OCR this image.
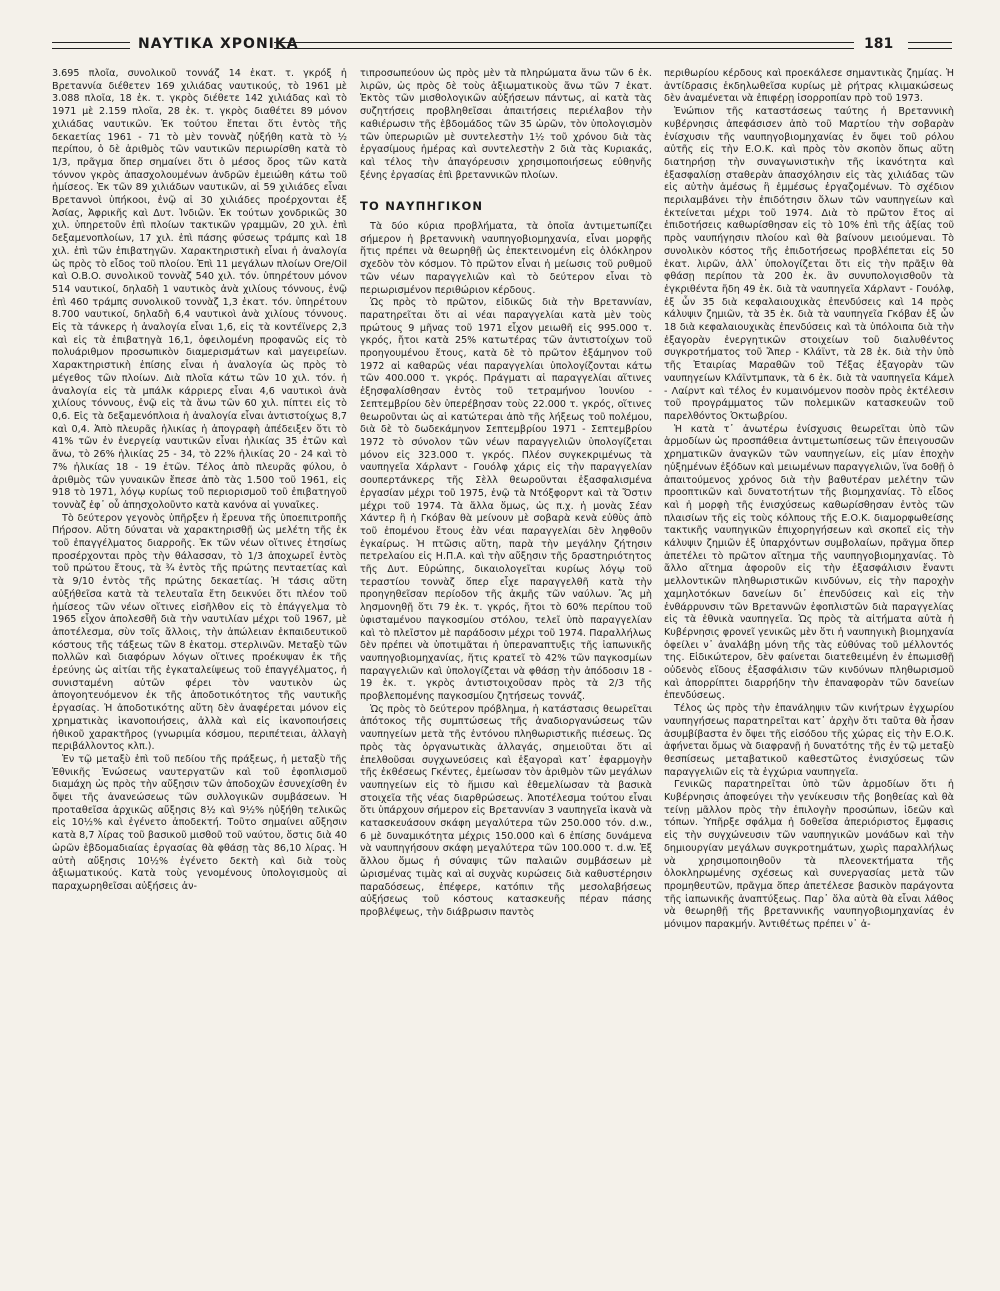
ΝΑΥΤΙΚΑ ΧΡΟΝΙΚΑ	181

3.695 πλοῖα, συνολικοῦ τοννάζ 14 ἑκατ. τ. γκρόξ ἡ Βρεταννία διέθετεν 169 χιλιάδας ναυτικούς, τὸ 1961 μὲ 3.088 πλοῖα, 18 ἑκ. τ. γκρὸς διέθετε 142 χιλιάδας καὶ τὸ 1971 μὲ 2.159 πλοῖα, 28 ἑκ. τ. γκρὸς διαθέτει 89 μόνον χιλιάδας ναυτικῶν. Ἐκ τούτου ἕπεται ὅτι ἐντὸς τῆς δεκαετίας 1961 - 71 τὸ μὲν τοννὰζ ηὐξήθη κατὰ τὸ ½ περίπου, ὁ δὲ ἀριθμὸς τῶν ναυτικῶν περιωρίσθη κατὰ τὸ 1/3, πρᾶγμα ὅπερ σημαίνει ὅτι ὁ μέσος ὅρος τῶν κατὰ τόννον γκρὸς ἀπασχολουμένων ἀνδρῶν ἐμειώθη κάτω τοῦ ἡμίσεος. Ἐκ τῶν 89 χιλιάδων ναυτικῶν, αἱ 59 χιλιάδες εἶναι Βρεταννοὶ ὑπήκοοι, ἐνῷ αἱ 30 χιλιάδες προέρχονται ἐξ Ἀσίας, Ἀφρικῆς καὶ Δυτ. Ἰνδιῶν. Ἐκ τούτων χονδρικῶς 30 χιλ. ὑπηρετοῦν ἐπὶ πλοίων τακτικῶν γραμμῶν, 20 χιλ. ἐπὶ δεξαμενοπλοίων, 17 χιλ. ἐπὶ πάσης φύσεως τράμπς καὶ 18 χιλ. ἐπὶ τῶν ἐπιβατηγῶν. Χαρακτηριστικὴ εἶναι ἡ ἀναλογία ὡς πρὸς τὸ εἶδος τοῦ πλοίου. Ἐπὶ 11 μεγάλων πλοίων Ore/Oil καὶ O.B.O. συνολικοῦ τοννὰζ 540 χιλ. τόν. ὑπηρέτουν μόνον 514 ναυτικοί, δηλαδὴ 1 ναυτικὸς ἀνὰ χιλίους τόννους, ἐνῷ ἐπὶ 460 τράμπς συνολικοῦ τοννὰζ 1,3 ἑκατ. τόν. ὑπηρέτουν 8.700 ναυτικοί, δηλαδὴ 6,4 ναυτικοὶ ἀνὰ χιλίους τόννους. Εἰς τὰ τάνκερς ἡ ἀναλογία εἶναι 1,6, εἰς τὰ κοντέϊνερς 2,3 καὶ εἰς τὰ ἐπιβατηγὰ 16,1, ὀφειλομένη προφανῶς εἰς τὸ πολυάριθμον προσωπικὸν διαμερισμάτων καὶ μαγειρείων. Χαρακτηριστικὴ ἐπίσης εἶναι ἡ ἀναλογία ὡς πρὸς τὸ μέγεθος τῶν πλοίων. Διὰ πλοῖα κάτω τῶν 10 χιλ. τόν. ἡ ἀναλογία εἰς τὰ μπάλκ κάρριερς εἶναι 4,6 ναυτικοὶ ἀνὰ χιλίους τόννους, ἐνῷ εἰς τὰ ἄνω τῶν 60 χιλ. πίπτει εἰς τὸ 0,6. Εἰς τὰ δεξαμενόπλοια ἡ ἀναλογία εἶναι ἀντιστοίχως 8,7 καὶ 0,4. Ἀπὸ πλευρᾶς ἡλικίας ἡ ἀπογραφὴ ἀπέδειξεν ὅτι τὸ 41% τῶν ἐν ἐνεργείᾳ ναυτικῶν εἶναι ἡλικίας 35 ἐτῶν καὶ ἄνω, τὸ 26% ἡλικίας 25 - 34, τὸ 22% ἡλικίας 20 - 24 καὶ τὸ 7% ἡλικίας 18 - 19 ἐτῶν. Τέλος ἀπὸ πλευρᾶς φύλου, ὁ ἀριθμὸς τῶν γυναικῶν ἔπεσε ἀπὸ τὰς 1.500 τοῦ 1961, εἰς 918 τὸ 1971, λόγῳ κυρίως τοῦ περιορισμοῦ τοῦ ἐπιβατηγοῦ τοννὰζ ἐφ᾽ οὗ ἀπησχολοῦντο κατὰ κανόνα αἱ γυναῖκες.

Τὸ δεύτερον γεγονὸς ὑπῆρξεν ἡ ἔρευνα τῆς ὑποεπιτροπῆς Πήρσον. Αὕτη δύναται νὰ χαρακτηρισθῇ ὡς μελέτη τῆς ἐκ τοῦ ἐπαγγέλματος διαρροῆς. Ἐκ τῶν νέων οἵτινες ἐτησίως προσέρχονται πρὸς τὴν θάλασσαν, τὸ 1/3 ἀποχωρεῖ ἐντὸς τοῦ πρώτου ἔτους, τὰ ¾ ἐντὸς τῆς πρώτης πενταετίας καὶ τὰ 9/10 ἐντὸς τῆς πρώτης δεκαετίας. Ἡ τάσις αὕτη αὐξήθεῖσα κατὰ τὰ τελευταῖα ἔτη δεικνύει ὅτι πλέον τοῦ ἡμίσεος τῶν νέων οἵτινες εἰσῆλθον εἰς τὸ ἐπάγγελμα τὸ 1965 εἶχον ἀπολεσθῆ διὰ τὴν ναυτιλίαν μέχρι τοῦ 1967, μὲ ἀποτέλεσμα, σὺν τοῖς ἄλλοις, τὴν ἀπώλειαν ἐκπαιδευτικοῦ κόστους τῆς τάξεως τῶν 8 ἑκατομ. στερλινῶν. Μεταξὺ τῶν πολλῶν καὶ διαφόρων λόγων οἵτινες προέκυψαν ἐκ τῆς ἐρεύνης ὡς αἰτίαι τῆς ἐγκαταλείψεως τοῦ ἐπαγγέλματος, ἡ συνισταμένη αὐτῶν φέρει τὸν ναυτικὸν ὡς ἀπογοητευόμενον ἐκ τῆς ἀποδοτικότητος τῆς ναυτικῆς ἐργασίας. Ἡ ἀποδοτικότης αὕτη δὲν ἀναφέρεται μόνον εἰς χρηματικὰς ἱκανοποιήσεις, ἀλλὰ καὶ εἰς ἱκανοποιήσεις ἠθικοῦ χαρακτῆρος (γνωριμία κόσμου, περιπέτειαι, ἀλλαγὴ περιβάλλοντος κλπ.).

Ἐν τῷ μεταξὺ ἐπὶ τοῦ πεδίου τῆς πράξεως, ἡ μεταξὺ τῆς Ἐθνικῆς Ἑνώσεως ναυτεργατῶν καὶ τοῦ ἐφοπλισμοῦ διαμάχη ὡς πρὸς τὴν αὔξησιν τῶν ἀποδοχῶν ἐσυνεχίσθη ἐν ὄψει τῆς ἀνανεώσεως τῶν συλλογικῶν συμβάσεων. Ἡ προταθεῖσα ἀρχικῶς αὔξησις 8½ καὶ 9½% ηὐξήθη τελικῶς εἰς 10½% καὶ ἐγένετο ἀποδεκτή. Τοῦτο σημαίνει αὔξησιν κατὰ 8,7 λίρας τοῦ βασικοῦ μισθοῦ τοῦ ναύτου, ὅστις διὰ 40 ὡρῶν ἑβδομαδιαίας ἐργασίας θὰ φθάσῃ τὰς 86,10 λίρας. Ἡ αὐτὴ αὔξησις 10½% ἐγένετο δεκτὴ καὶ διὰ τοὺς ἀξιωματικούς. Κατὰ τοὺς γενομένους ὑπολογισμοὺς αἱ παραχωρηθεῖσαι αὐξήσεις ἀν-

τιπροσωπεύουν ὡς πρὸς μὲν τὰ πληρώματα ἄνω τῶν 6 ἑκ. λιρῶν, ὡς πρὸς δὲ τοὺς ἀξιωματικοὺς ἄνω τῶν 7 ἑκατ. Ἐκτὸς τῶν μισθολογικῶν αὐξήσεων πάντως, αἱ κατὰ τὰς συζητήσεις προβληθεῖσαι ἀπαιτήσεις περιέλαβον τὴν καθιέρωσιν τῆς ἑβδομάδος τῶν 35 ὡρῶν, τὸν ὑπολογισμὸν τῶν ὑπερωριῶν μὲ συντελεστὴν 1½ τοῦ χρόνου διὰ τὰς ἐργασίμους ἡμέρας καὶ συντελεστὴν 2 διὰ τὰς Κυριακάς, καὶ τέλος τὴν ἀπαγόρευσιν χρησιμοποιήσεως εὐθηνῆς ξένης ἐργασίας ἐπὶ βρεταννικῶν πλοίων.

ΤΟ ΝΑΥΠΗΓΙΚΟΝ

Τὰ δύο κύρια προβλήματα, τὰ ὁποῖα ἀντιμετωπίζει σήμερον ἡ βρεταννικὴ ναυπηγοβιομηχανία, εἶναι μορφῆς ἥτις πρέπει νὰ θεωρηθῇ ὡς ἐπεκτεινομένη εἰς ὁλόκληρον σχεδὸν τὸν κόσμον. Τὸ πρῶτον εἶναι ἡ μείωσις τοῦ ρυθμοῦ τῶν νέων παραγγελιῶν καὶ τὸ δεύτερον εἶναι τὸ περιωρισμένον περιθώριον κέρδους.

Ὡς πρὸς τὸ πρῶτον, εἰδικῶς διὰ τὴν Βρεταννίαν, παρατηρεῖται ὅτι αἱ νέαι παραγγελίαι κατὰ μὲν τοὺς πρώτους 9 μῆνας τοῦ 1971 εἶχον μειωθῆ εἰς 995.000 τ. γκρός, ἤτοι κατὰ 25% κατωτέρας τῶν ἀντιστοίχων τοῦ προηγουμένου ἔτους, κατὰ δὲ τὸ πρῶτον ἑξάμηνον τοῦ 1972 αἱ καθαρῶς νέαι παραγγελίαι ὑπολογίζονται κάτω τῶν 400.000 τ. γκρός. Πράγματι αἱ παραγγελίαι αἵτινες ἐξησφαλίσθησαν ἐντὸς τοῦ τετραμήνου Ἰουνίου - Σεπτεμβρίου δὲν ὑπερέβησαν τοὺς 22.000 τ. γκρός, οἵτινες θεωροῦνται ὡς αἱ κατώτεραι ἀπὸ τῆς λήξεως τοῦ πολέμου, διὰ δὲ τὸ δωδεκάμηνον Σεπτεμβρίου 1971 - Σεπτεμβρίου 1972 τὸ σύνολον τῶν νέων παραγγελιῶν ὑπολογίζεται μόνον εἰς 323.000 τ. γκρός. Πλέον συγκεκριμένως τὰ ναυπηγεῖα Χάρλαντ - Γουόλφ χάρις εἰς τὴν παραγγελίαν σουπερτάνκερς τῆς Σὲλλ θεωροῦνται ἐξασφαλισμένα ἐργασίαν μέχρι τοῦ 1975, ἐνῷ τὰ Ντόξφορντ καὶ τὰ Ὄστιν μέχρι τοῦ 1974. Τὰ ἄλλα ὅμως, ὡς π.χ. ἡ μονὰς Σέαν Χάντερ ἢ ἡ Γκόβαν θὰ μείνουν μὲ σοβαρὰ κενὰ εὐθὺς ἀπὸ τοῦ ἐπομένου ἔτους ἐὰν νέαι παραγγελίαι δὲν ληφθοῦν ἐγκαίρως. Ἡ πτῶσις αὕτη, παρὰ τὴν μεγάλην ζήτησιν πετρελαίου εἰς Η.Π.Α. καὶ τὴν αὔξησιν τῆς δραστηριότητος τῆς Δυτ. Εὐρώπης, δικαιολογεῖται κυρίως λόγῳ τοῦ τεραστίου τοννὰζ ὅπερ εἶχε παραγγελθῆ κατὰ τὴν προηγηθεῖσαν περίοδον τῆς ἀκμῆς τῶν ναύλων. Ἂς μὴ λησμονηθῇ ὅτι 79 ἑκ. τ. γκρός, ἤτοι τὸ 60% περίπου τοῦ ὑφισταμένου παγκοσμίου στόλου, τελεῖ ὑπὸ παραγγελίαν καὶ τὸ πλεῖστον μὲ παράδοσιν μέχρι τοῦ 1974. Παραλλήλως δὲν πρέπει νὰ ὑποτιμᾶται ἡ ὑπεραναπτυξις τῆς ἰαπωνικῆς ναυπηγοβιομηχανίας, ἥτις κρατεῖ τὸ 42% τῶν παγκοσμίων παραγγελιῶν καὶ ὑπολογίζεται νὰ φθάσῃ τὴν ἀπόδοσιν 18 - 19 ἑκ. τ. γκρὸς ἀντιστοιχοῦσαν πρὸς τὰ 2/3 τῆς προβλεπομένης παγκοσμίου ζητήσεως τοννάζ.

Ὡς πρὸς τὸ δεύτερον πρόβλημα, ἡ κατάστασις θεωρεῖται ἀπότοκος τῆς συμπτώσεως τῆς ἀναδιοργανώσεως τῶν ναυπηγείων μετὰ τῆς ἐντόνου πληθωριστικῆς πιέσεως. Ὡς πρὸς τὰς ὀργανωτικὰς ἀλλαγάς, σημειοῦται ὅτι αἱ ἐπελθοῦσαι συγχωνεύσεις καὶ ἐξαγοραὶ κατ᾽ ἐφαρμογὴν τῆς ἐκθέσεως Γκέντες, ἐμείωσαν τὸν ἀριθμὸν τῶν μεγάλων ναυπηγείων εἰς τὸ ἥμισυ καὶ ἐθεμελίωσαν τὰ βασικὰ στοιχεῖα τῆς νέας διαρθρώσεως. Ἀποτέλεσμα τούτου εἶναι ὅτι ὑπάρχουν σήμερον εἰς Βρεταννίαν 3 ναυπηγεῖα ἱκανὰ νὰ κατασκευάσουν σκάφη μεγαλύτερα τῶν 250.000 τόν. d.w., 6 μὲ δυναμικότητα μέχρις 150.000 καὶ 6 ἐπίσης δυνάμενα νὰ ναυπηγήσουν σκάφη μεγαλύτερα τῶν 100.000 τ. d.w. Ἐξ ἄλλου ὅμως ἡ σύναψις τῶν παλαιῶν συμβάσεων μὲ ὡρισμένας τιμὰς καὶ αἱ συχνὰς κυρώσεις διὰ καθυστέρησιν παραδόσεως, ἐπέφερε, κατόπιν τῆς μεσολαβήσεως αὐξήσεως τοῦ κόστους κατασκευῆς πέραν πάσης προβλέψεως, τὴν διάβρωσιν παντὸς

περιθωρίου κέρδους καὶ προεκάλεσε σημαντικὰς ζημίας. Ἡ ἀντίδρασις ἐκδηλωθεῖσα κυρίως μὲ ρήτρας κλιμακώσεως δὲν ἀναμένεται νὰ ἐπιφέρῃ ἰσορροπίαν πρὸ τοῦ 1973.

Ἐνώπιον τῆς καταστάσεως ταύτης ἡ Βρεταννικὴ κυβέρνησις ἀπεφάσισεν ἀπὸ τοῦ Μαρτίου τὴν σοβαρὰν ἐνίσχυσιν τῆς ναυπηγοβιομηχανίας ἐν ὄψει τοῦ ρόλου αὐτῆς εἰς τὴν Ε.Ο.Κ. καὶ πρὸς τὸν σκοπὸν ὅπως αὕτη διατηρήσῃ τὴν συναγωνιστικὴν τῆς ἱκανότητα καὶ ἐξασφαλίσῃ σταθερὰν ἀπασχόλησιν εἰς τὰς χιλιάδας τῶν εἰς αὐτὴν ἀμέσως ἢ ἐμμέσως ἐργαζομένων. Τὸ σχέδιον περιλαμβάνει τὴν ἐπιδότησιν ὅλων τῶν ναυπηγείων καὶ ἐκτείνεται μέχρι τοῦ 1974. Διὰ τὸ πρῶτον ἔτος αἱ ἐπιδοτήσεις καθωρίσθησαν εἰς τὸ 10% ἐπὶ τῆς ἀξίας τοῦ πρὸς ναυπήγησιν πλοίου καὶ θὰ βαίνουν μειούμεναι. Τὸ συνολικὸν κόστος τῆς ἐπιδοτήσεως προβλέπεται εἰς 50 ἑκατ. λιρῶν, ἀλλ᾽ ὑπολογίζεται ὅτι εἰς τὴν πρᾶξιν θὰ φθάσῃ περίπου τὰ 200 ἑκ. ἂν συνυπολογισθοῦν τὰ ἐγκριθέντα ἤδη 49 ἑκ. διὰ τὰ ναυπηγεῖα Χάρλαντ - Γουόλφ, ἐξ ὧν 35 διὰ κεφαλαιουχικὰς ἐπενδύσεις καὶ 14 πρὸς κάλυψιν ζημιῶν, τὰ 35 ἑκ. διὰ τὰ ναυπηγεῖα Γκόβαν ἐξ ὧν 18 διὰ κεφαλαιουχικὰς ἐπενδύσεις καὶ τὰ ὑπόλοιπα διὰ τὴν ἐξαγορὰν ἐνεργητικῶν στοιχείων τοῦ διαλυθέντος συγκροτήματος τοῦ Ἄπερ - Κλάϊντ, τὰ 28 ἑκ. διὰ τὴν ὑπὸ τῆς Ἑταιρίας Μαραθῶν τοῦ Τέξας ἐξαγορὰν τῶν ναυπηγείων Κλάϊντμπανκ, τὰ 6 ἑκ. διὰ τὰ ναυπηγεῖα Κάμελ - Λαίρντ καὶ τέλος ἐν κυμαινόμενον ποσὸν πρὸς ἐκτέλεσιν τοῦ προγράμματος τῶν πολεμικῶν κατασκευῶν τοῦ παρελθόντος Ὀκτωβρίου.

Ἡ κατὰ τ᾽ ἀνωτέρω ἐνίσχυσις θεωρεῖται ὑπὸ τῶν ἁρμοδίων ὡς προσπάθεια ἀντιμετωπίσεως τῶν ἐπειγουσῶν χρηματικῶν ἀναγκῶν τῶν ναυπηγείων, εἰς μίαν ἐποχὴν ηὐξημένων ἐξόδων καὶ μειωμένων παραγγελιῶν, ἵνα δοθῇ ὁ ἀπαιτούμενος χρόνος διὰ τὴν βαθυτέραν μελέτην τῶν προοπτικῶν καὶ δυνατοτήτων τῆς βιομηχανίας. Τὸ εἶδος καὶ ἡ μορφὴ τῆς ἐνισχύσεως καθωρίσθησαν ἐντὸς τῶν πλαισίων τῆς εἰς τοὺς κόλπους τῆς Ε.Ο.Κ. διαμορφωθείσης τακτικῆς ναυπηγικῶν ἐπιχορηγήσεων καὶ σκοπεῖ εἰς τὴν κάλυψιν ζημιῶν ἐξ ὑπαρχόντων συμβολαίων, πρᾶγμα ὅπερ ἀπετέλει τὸ πρῶτον αἴτημα τῆς ναυπηγοβιομηχανίας. Τὸ ἄλλο αἴτημα ἀφοροῦν εἰς τὴν ἐξασφάλισιν ἔναντι μελλοντικῶν πληθωριστικῶν κινδύνων, εἰς τὴν παροχὴν χαμηλοτόκων δανείων δι᾽ ἐπενδύσεις καὶ εἰς τὴν ἐνθάρρυνσιν τῶν Βρεταννῶν ἐφοπλιστῶν διὰ παραγγελίας εἰς τὰ ἐθνικὰ ναυπηγεῖα. Ὡς πρὸς τὰ αἰτήματα αὐτὰ ἡ Κυβέρνησις φρονεῖ γενικῶς μὲν ὅτι ἡ ναυπηγικὴ βιομηχανία ὀφείλει ν᾽ ἀναλάβῃ μόνη τῆς τὰς εὐθύνας τοῦ μέλλοντός της. Εἰδικώτερον, δὲν φαίνεται διατεθειμένη ἐν ἐπωμισθῇ οὐδενὸς εἴδους ἐξασφάλισιν τῶν κινδύνων πληθωρισμοῦ καὶ ἀπορρίπτει διαρρήδην τὴν ἐπαναφορὰν τῶν δανείων ἐπενδύσεως.

Τέλος ὡς πρὸς τὴν ἐπανάληψιν τῶν κινήτρων ἐγχωρίου ναυπηγήσεως παρατηρεῖται κατ᾽ ἀρχὴν ὅτι ταῦτα θὰ ἦσαν ἀσυμβίβαστα ἐν ὄψει τῆς εἰσόδου τῆς χώρας εἰς τὴν Ε.Ο.Κ. ἀφήνεται ὅμως νὰ διαφρανῇ ἡ δυνατότης τῆς ἐν τῷ μεταξὺ θεσπίσεως μεταβατικοῦ καθεστῶτος ἐνισχύσεως τῶν παραγγελιῶν εἰς τὰ ἐγχώρια ναυπηγεῖα.

Γενικῶς παρατηρεῖται ὑπὸ τῶν ἁρμοδίων ὅτι ἡ Κυβέρνησις ἀποφεύγει τὴν γενίκευσιν τῆς βοηθείας καὶ θὰ τείνῃ μᾶλλον πρὸς τὴν ἐπιλογὴν προσώπων, ἰδεῶν καὶ τόπων. Ὑπῆρξε σφάλμα ἡ δοθεῖσα ἀπεριόριστος ἔμφασις εἰς τὴν συγχώνευσιν τῶν ναυπηγικῶν μονάδων καὶ τὴν δημιουργίαν μεγάλων συγκροτημάτων, χωρὶς παραλλήλως νὰ χρησιμοποιηθοῦν τὰ πλεονεκτήματα τῆς ὁλοκληρωμένης σχέσεως καὶ συνεργασίας μετὰ τῶν προμηθευτῶν, πρᾶγμα ὅπερ ἀπετέλεσε βασικὸν παράγοντα τῆς ἰαπωνικῆς ἀναπτύξεως. Παρ᾽ ὅλα αὐτὰ θὰ εἶναι λάθος νὰ θεωρηθῇ τῆς βρεταννικῆς ναυπηγοβιομηχανίας ἐν μόνιμον παρακμήν. Ἀντιθέτως πρέπει ν᾽ ἀ-
